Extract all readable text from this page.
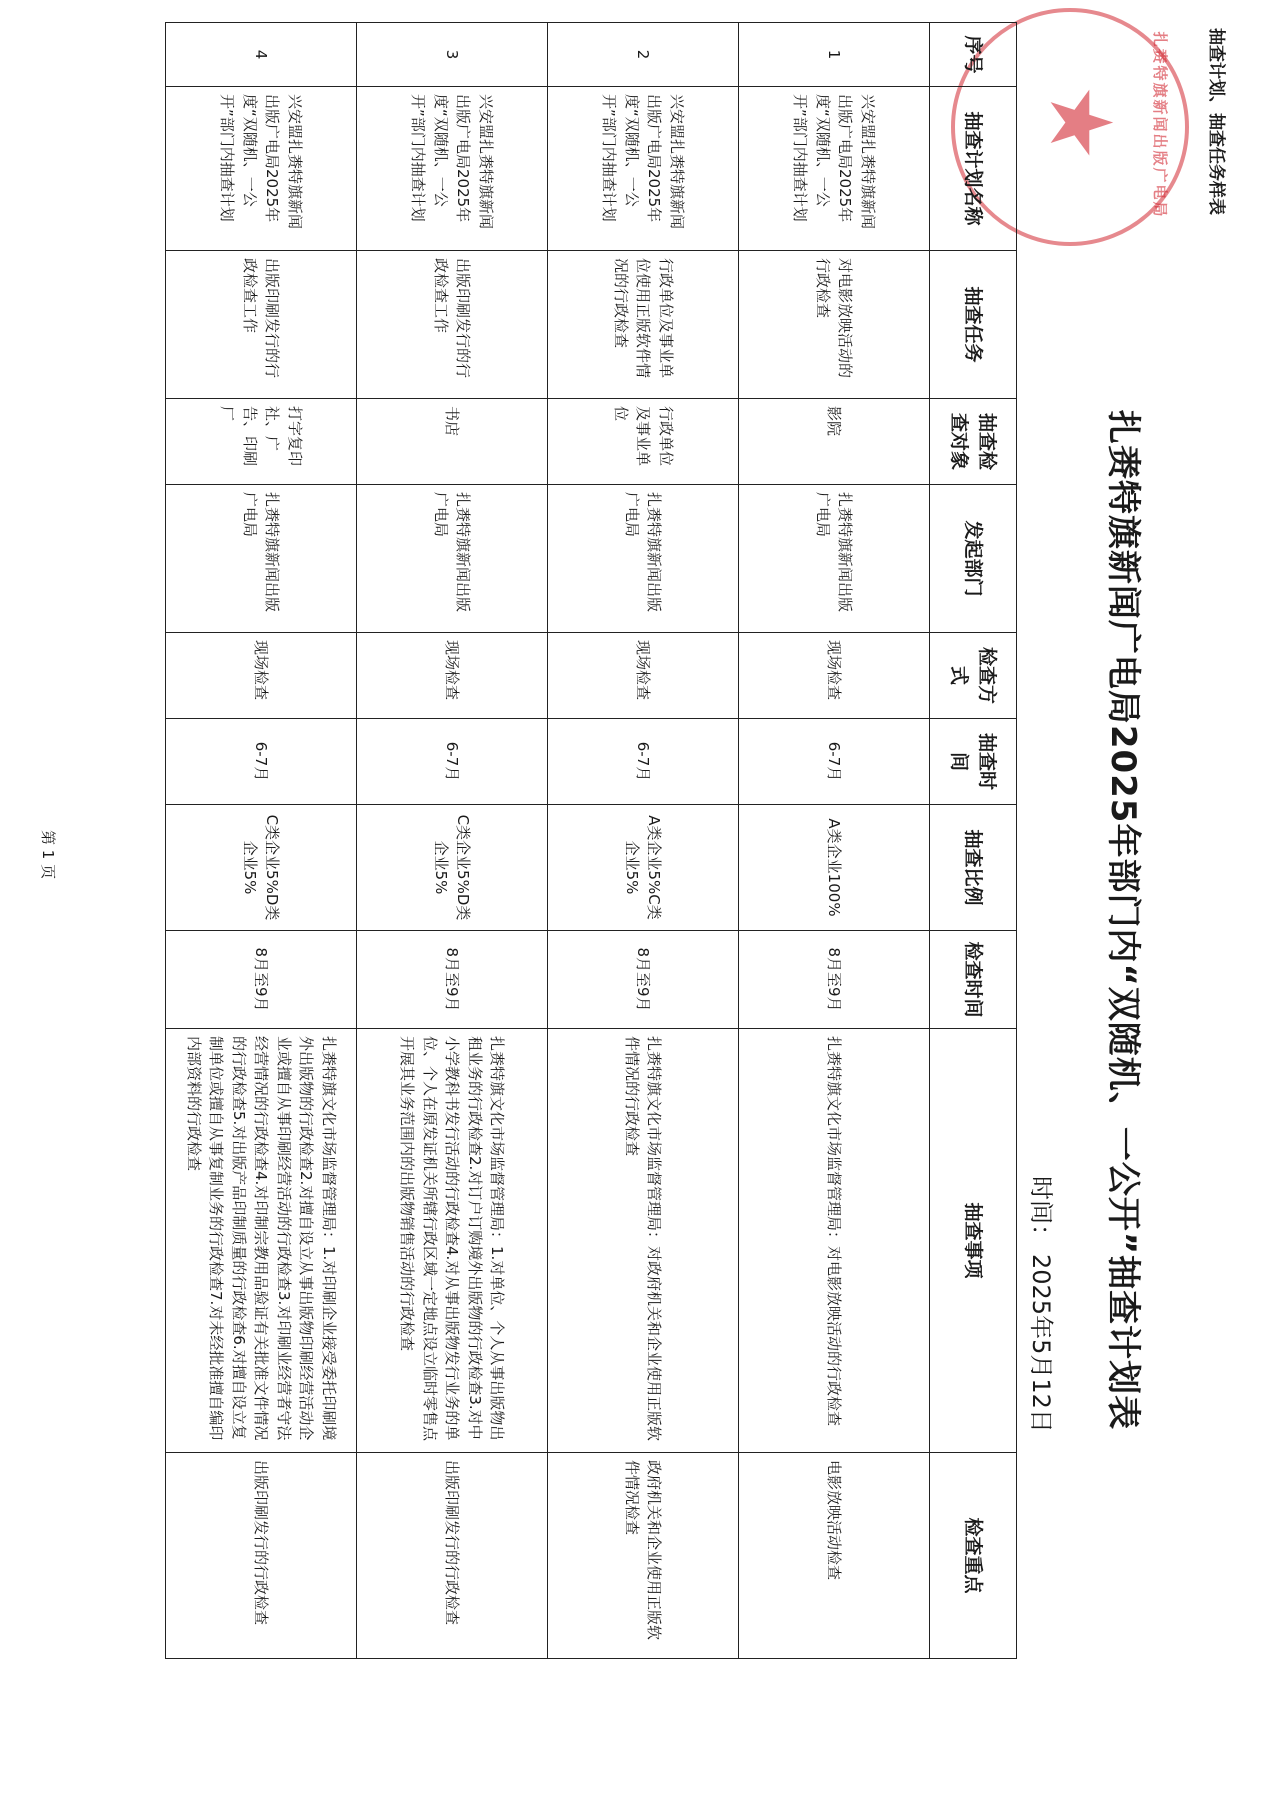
扎赉特旗新闻出版广电局
★	抽查计划、抽查任务样表
扎赉特旗新闻广电局2025年部门内“双随机、一公开”抽查计划表
时间：2025年5月12日
序号	抽查计划名称	抽查任务	抽查检查对象	发起部门	检查方式	抽查时间	抽查比例	检查时间	抽查事项	检查重点
1	兴安盟扎赉特旗新闻出版广电局2025年度“双随机、一公开”部门内抽查计划	对电影放映活动的行政检查	影院	扎赉特旗新闻出版广电局	现场检查	6-7月	A类企业100%	8月至9月	扎赉特旗文化市场监督管理局：对电影放映活动的行政检查	电影放映活动检查
2	兴安盟扎赉特旗新闻出版广电局2025年度“双随机、一公开”部门内抽查计划	行政单位及事业单位使用正版软件情况的行政检查	行政单位及事业单位	扎赉特旗新闻出版广电局	现场检查	6-7月	A类企业5%C类企业5%	8月至9月	扎赉特旗文化市场监督管理局：对政府机关和企业使用正版软件情况的行政检查	政府机关和企业使用正版软件情况检查
3	兴安盟扎赉特旗新闻出版广电局2025年度“双随机、一公开”部门内抽查计划	出版印刷发行的行政检查工作	书店	扎赉特旗新闻出版广电局	现场检查	6-7月	C类企业5%D类企业5%	8月至9月	扎赉特旗文化市场监督管理局：1.对单位、个人从事出版物出租业务的行政检查2.对订户订购境外出版物的行政检查3.对中小学教科书发行活动的行政检查4.对从事出版物发行业务的单位、个人在原发证机关所辖行政区域一定地点设立临时零售点开展其业务范围内的出版物销售活动的行政检查	出版印刷发行的行政检查
4	兴安盟扎赉特旗新闻出版广电局2025年度“双随机、一公开”部门内抽查计划	出版印刷发行的行政检查工作	打字复印社、广告、印刷厂	扎赉特旗新闻出版广电局	现场检查	6-7月	C类企业5%D类企业5%	8月至9月	扎赉特旗文化市场监督管理局：1.对印刷企业接受委托印刷境外出版物的行政检查2.对擅自设立从事出版物印刷经营活动企业或擅自从事印刷经营活动的行政检查3.对印刷业经营者守法经营情况的行政检查4.对印制宗教用品验证有关批准文件情况的行政检查5.对出版产品印制质量的行政检查6.对擅自设立复制单位或擅自从事复制业务的行政检查7.对未经批准擅自编印内部资料的行政检查	出版印刷发行的行政检查
第 1 页
